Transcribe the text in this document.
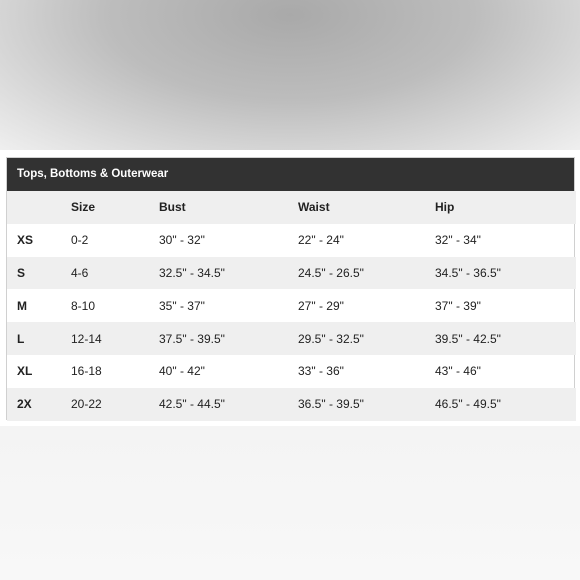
Tops, Bottoms & Outerwear
	Size	Bust	Waist	Hip
XS	0-2	30" - 32"	22" - 24"	32" - 34"
S	4-6	32.5" - 34.5"	24.5" - 26.5"	34.5" - 36.5"
M	8-10	35" - 37"	27" - 29"	37" - 39"
L	12-14	37.5" - 39.5"	29.5" - 32.5"	39.5" - 42.5"
XL	16-18	40" - 42"	33" - 36"	43" - 46"
2X	20-22	42.5" - 44.5"	36.5" - 39.5"	46.5" - 49.5"
